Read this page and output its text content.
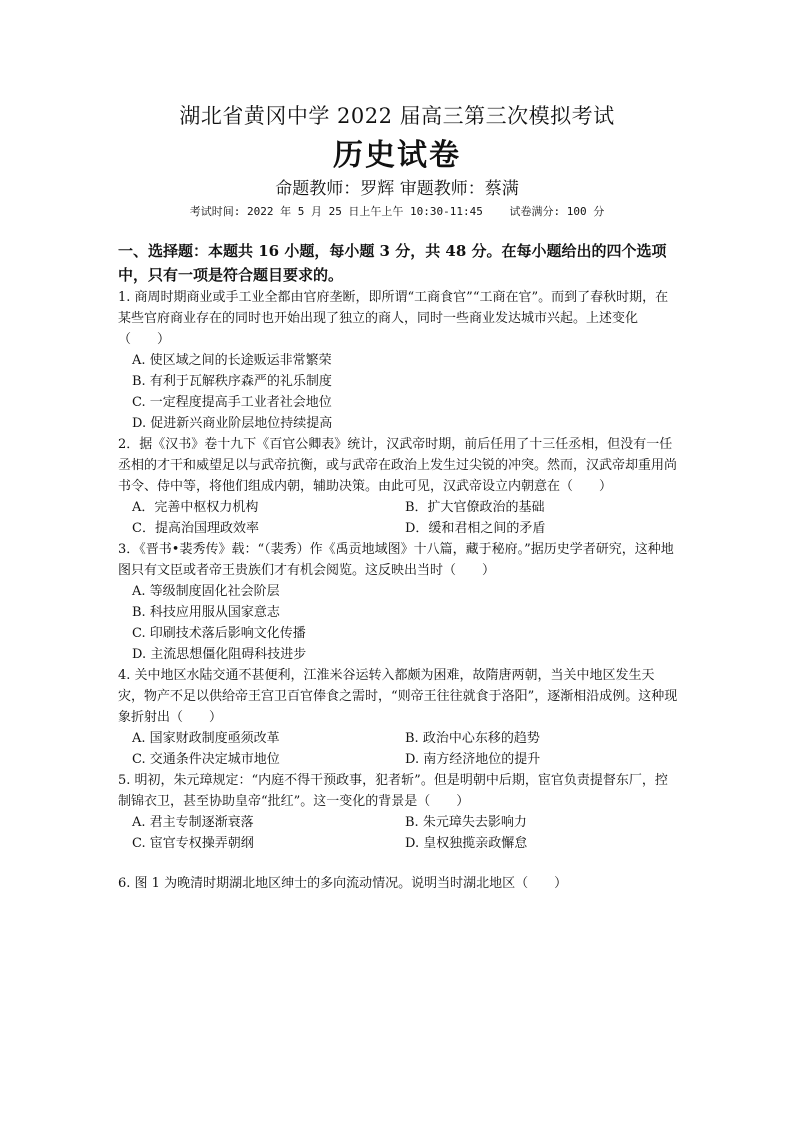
湖北省黄冈中学 2022 届高三第三次模拟考试
历史试卷
命题教师：罗辉 审题教师：蔡满
考试时间: 2022 年 5 月 25 日上午上午 10:30-11:45 试卷满分: 100 分
一、选择题：本题共 16 小题，每小题 3 分，共 48 分。在每小题给出的四个选项中，只有一项是符合题目要求的。

1. 商周时期商业或手工业全都由官府垄断，即所谓“工商食官”“工商在官”。而到了春秋时期，在某些官府商业存在的同时也开始出现了独立的商人，同时一些商业发达城市兴起。上述变化（　　）

A. 使区域之间的长途贩运非常繁荣

B. 有利于瓦解秩序森严的礼乐制度

C. 一定程度提高手工业者社会地位

D. 促进新兴商业阶层地位持续提高

2．据《汉书》卷十九下《百官公卿表》统计，汉武帝时期，前后任用了十三任丞相，但没有一任丞相的才干和威望足以与武帝抗衡，或与武帝在政治上发生过尖锐的冲突。然而，汉武帝却重用尚书令、侍中等，将他们组成内朝，辅助决策。由此可见，汉武帝设立内朝意在（　　）

A．完善中枢权力机构	B．扩大官僚政治的基础

C．提高治国理政效率	D．缓和君相之间的矛盾

3．《晋书•裴秀传》载：“（裴秀）作《禹贡地域图》十八篇，藏于秘府。”据历史学者研究，这种地图只有文臣或者帝王贵族们才有机会阅览。这反映出当时（　　）

A. 等级制度固化社会阶层

B. 科技应用服从国家意志

C. 印刷技术落后影响文化传播

D. 主流思想僵化阻碍科技进步

4. 关中地区水陆交通不甚便利，江淮米谷运转入都颇为困难，故隋唐两朝，当关中地区发生天灾，物产不足以供给帝王宫卫百官俸食之需时，“则帝王往往就食于洛阳”，逐渐相沿成例。这种现象折射出（　　）

A. 国家财政制度亟须改革	B. 政治中心东移的趋势

C. 交通条件决定城市地位	D. 南方经济地位的提升

5. 明初，朱元璋规定：“内庭不得干预政事，犯者斩”。但是明朝中后期，宦官负责提督东厂，控制锦衣卫，甚至协助皇帝“批红”。这一变化的背景是（　　）

A. 君主专制逐渐衰落	B. 朱元璋失去影响力

C. 宦官专权操弄朝纲	D. 皇权独揽亲政懈怠

6. 图 1 为晚清时期湖北地区绅士的多向流动情况。说明当时湖北地区（　　）
